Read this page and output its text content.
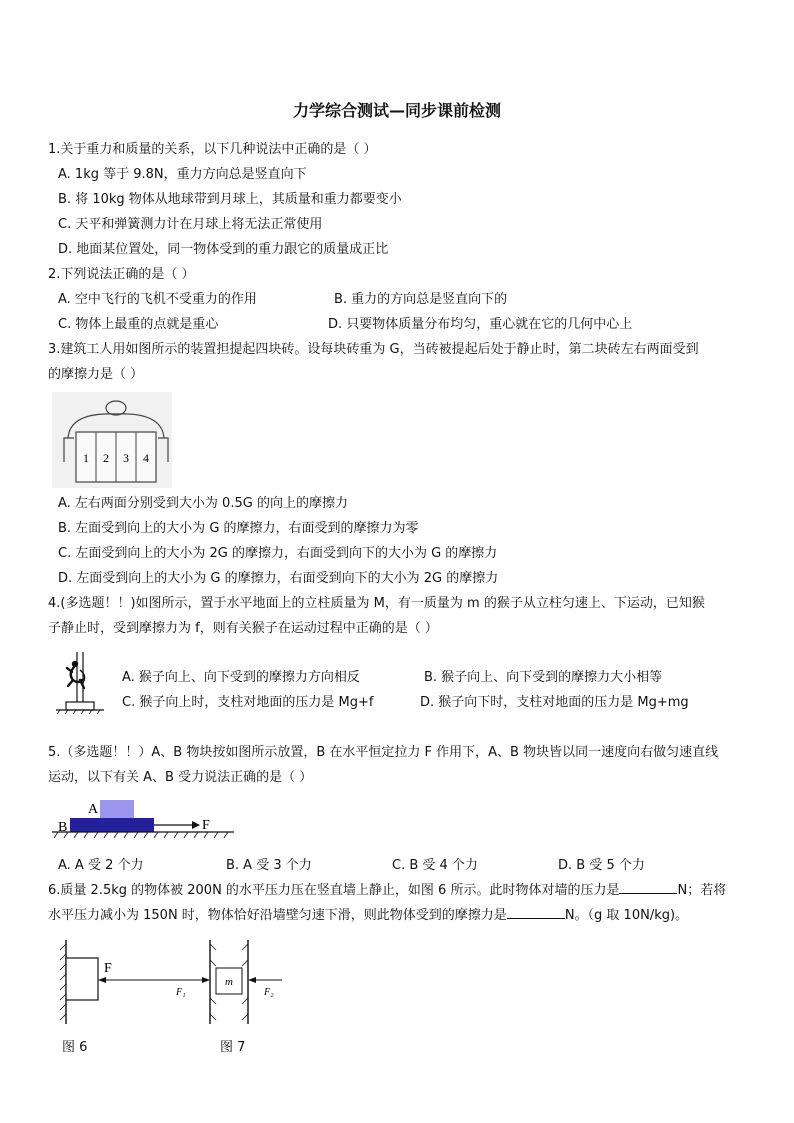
力学综合测试—同步课前检测
1.关于重力和质量的关系，以下几种说法中正确的是（ ）
A. 1kg 等于 9.8N，重力方向总是竖直向下
B. 将 10kg 物体从地球带到月球上，其质量和重力都要变小
C. 天平和弹簧测力计在月球上将无法正常使用
D. 地面某位置处，同一物体受到的重力跟它的质量成正比
2.下列说法正确的是（ ）
A. 空中飞行的飞机不受重力的作用	B. 重力的方向总是竖直向下的
C. 物体上最重的点就是重心	D. 只要物体质量分布均匀，重心就在它的几何中心上
3.建筑工人用如图所示的装置担提起四块砖。设每块砖重为 G，当砖被提起后处于静止时，第二块砖左右两面受到
的摩擦力是（ ）
1 2 3 4
A. 左右两面分别受到大小为 0.5G 的向上的摩擦力
B. 左面受到向上的大小为 G 的摩擦力，右面受到的摩擦力为零
C. 左面受到向上的大小为 2G 的摩擦力，右面受到向下的大小为 G 的摩擦力
D. 左面受到向上的大小为 G 的摩擦力，右面受到向下的大小为 2G 的摩擦力
4.(多选题！！)如图所示，置于水平地面上的立柱质量为 M，有一质量为 m 的猴子从立柱匀速上、下运动，已知猴
子静止时，受到摩擦力为 f，则有关猴子在运动过程中正确的是（ ）
A. 猴子向上、向下受到的摩擦力方向相反	B. 猴子向上、向下受到的摩擦力大小相等
C. 猴子向上时，支柱对地面的压力是 Mg+f	D. 猴子向下时，支柱对地面的压力是 Mg+mg
5.（多选题！！）A、B 物块按如图所示放置，B 在水平恒定拉力 F 作用下，A、B 物块皆以同一速度向右做匀速直线
运动，以下有关 A、B 受力说法正确的是（ ）
A
B	F
A. A 受 2 个力	B. A 受 3 个力	C. B 受 4 个力	D. B 受 5 个力
6.质量 2.5kg 的物体被 200N 的水平压力压在竖直墙上静止，如图 6 所示。此时物体对墙的压力是	N；若将
水平压力减小为 150N 时，物体恰好沿墙壁匀速下滑，则此物体受到的摩擦力是	N。（g 取 10N/kg)。
F
m
F₁	F₂
图 6	图 7
